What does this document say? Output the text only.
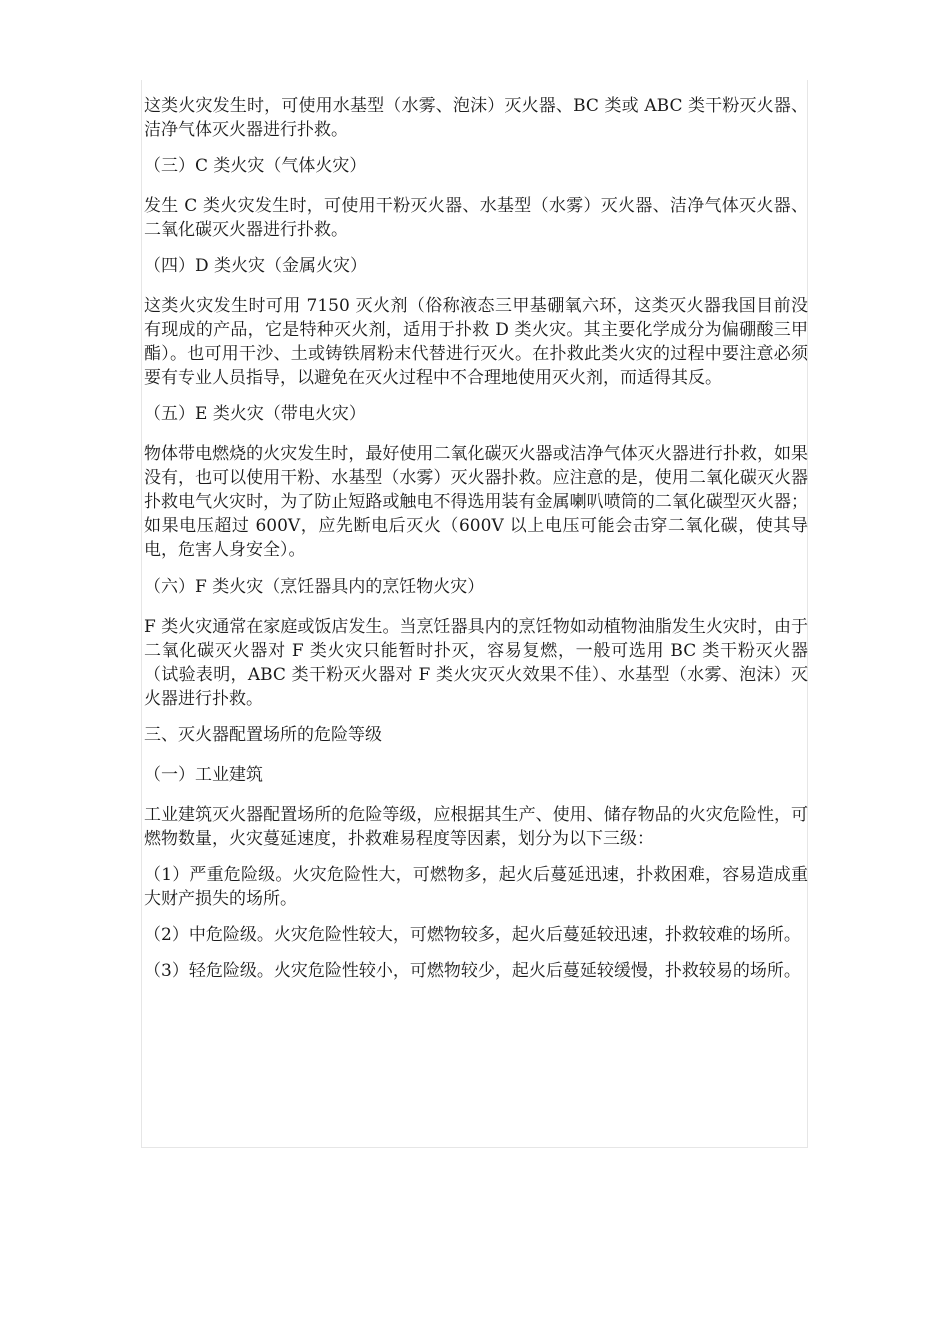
这类火灾发生时，可使用水基型（水雾、泡沫）灭火器、BC 类或 ABC 类干粉灭火器、洁净气体灭火器进行扑救。

（三）C 类火灾（气体火灾）

发生 C 类火灾发生时，可使用干粉灭火器、水基型（水雾）灭火器、洁净气体灭火器、二氧化碳灭火器进行扑救。

（四）D 类火灾（金属火灾）

这类火灾发生时可用 7150 灭火剂（俗称液态三甲基硼氧六环，这类灭火器我国目前没有现成的产品，它是特种灭火剂，适用于扑救 D 类火灾。其主要化学成分为偏硼酸三甲酯）。也可用干沙、土或铸铁屑粉末代替进行灭火。在扑救此类火灾的过程中要注意必须要有专业人员指导，以避免在灭火过程中不合理地使用灭火剂，而适得其反。

（五）E 类火灾（带电火灾）

物体带电燃烧的火灾发生时，最好使用二氧化碳灭火器或洁净气体灭火器进行扑救，如果没有，也可以使用干粉、水基型（水雾）灭火器扑救。应注意的是，使用二氧化碳灭火器扑救电气火灾时，为了防止短路或触电不得选用装有金属喇叭喷筒的二氧化碳型灭火器；如果电压超过 600V，应先断电后灭火（600V 以上电压可能会击穿二氧化碳，使其导电，危害人身安全）。

（六）F 类火灾（烹饪器具内的烹饪物火灾）

F 类火灾通常在家庭或饭店发生。当烹饪器具内的烹饪物如动植物油脂发生火灾时，由于二氧化碳灭火器对 F 类火灾只能暂时扑灭，容易复燃，一般可选用 BC 类干粉灭火器（试验表明，ABC 类干粉灭火器对 F 类火灾灭火效果不佳）、水基型（水雾、泡沫）灭火器进行扑救。

三、灭火器配置场所的危险等级

（一）工业建筑

工业建筑灭火器配置场所的危险等级，应根据其生产、使用、储存物品的火灾危险性，可燃物数量，火灾蔓延速度，扑救难易程度等因素，划分为以下三级：

（1）严重危险级。火灾危险性大，可燃物多，起火后蔓延迅速，扑救困难，容易造成重大财产损失的场所。

（2）中危险级。火灾危险性较大，可燃物较多，起火后蔓延较迅速，扑救较难的场所。

（3）轻危险级。火灾危险性较小，可燃物较少，起火后蔓延较缓慢，扑救较易的场所。
